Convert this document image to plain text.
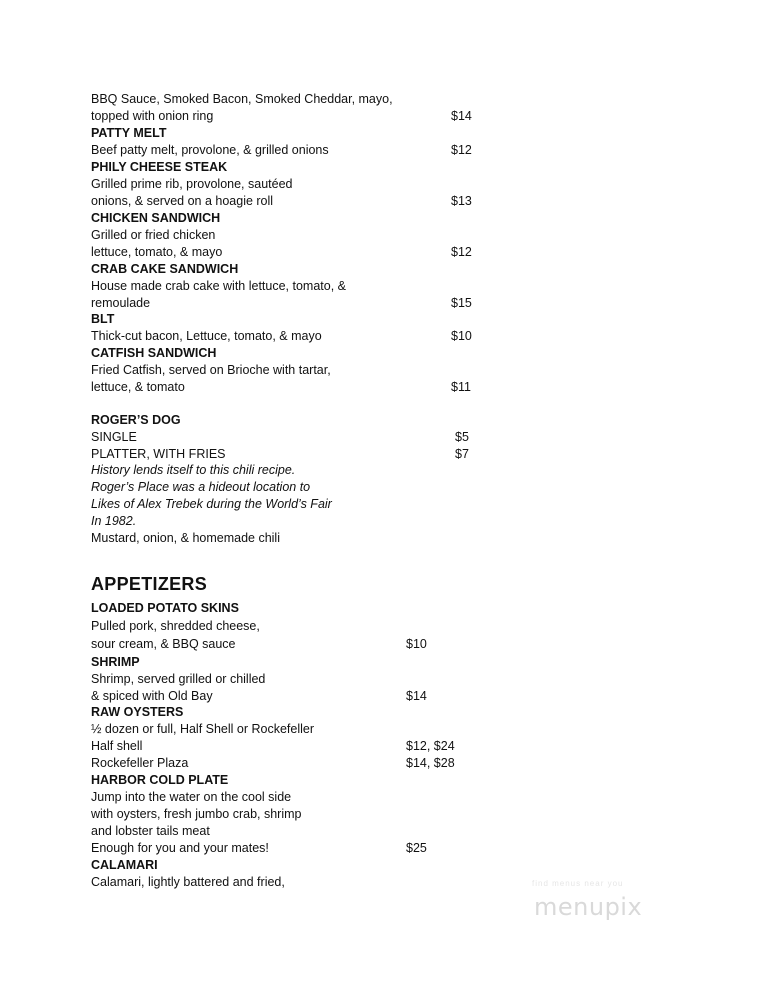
BBQ Sauce, Smoked Bacon, Smoked Cheddar, mayo,
topped with onion ring	$14
PATTY MELT
Beef patty melt, provolone, & grilled onions	$12
PHILY CHEESE STEAK
Grilled prime rib, provolone, sautéed
onions, & served on a hoagie roll	$13
CHICKEN SANDWICH
Grilled or fried chicken
lettuce, tomato, & mayo	$12
CRAB CAKE SANDWICH
House made crab cake with lettuce, tomato, &
remoulade	$15
BLT
Thick-cut bacon, Lettuce, tomato, & mayo	$10
CATFISH SANDWICH
Fried Catfish, served on Brioche with tartar,
lettuce, & tomato	$11
ROGER’S DOG
SINGLE	$5
PLATTER, WITH FRIES	$7
History lends itself to this chili recipe.
Roger’s Place was a hideout location to
Likes of Alex Trebek during the World’s Fair
In 1982.
Mustard, onion, & homemade chili
APPETIZERS
LOADED POTATO SKINS
Pulled pork, shredded cheese,
sour cream, & BBQ sauce	$10
SHRIMP
Shrimp, served grilled or chilled
& spiced with Old Bay	$14
RAW OYSTERS
½ dozen or full, Half Shell or Rockefeller
Half shell	$12, $24
Rockefeller Plaza	$14, $28
HARBOR COLD PLATE
Jump into the water on the cool side
with oysters, fresh jumbo crab, shrimp
and lobster tails meat
Enough for you and your mates!	$25
CALAMARI
Calamari, lightly battered and fried,	find menus near you
menupix
